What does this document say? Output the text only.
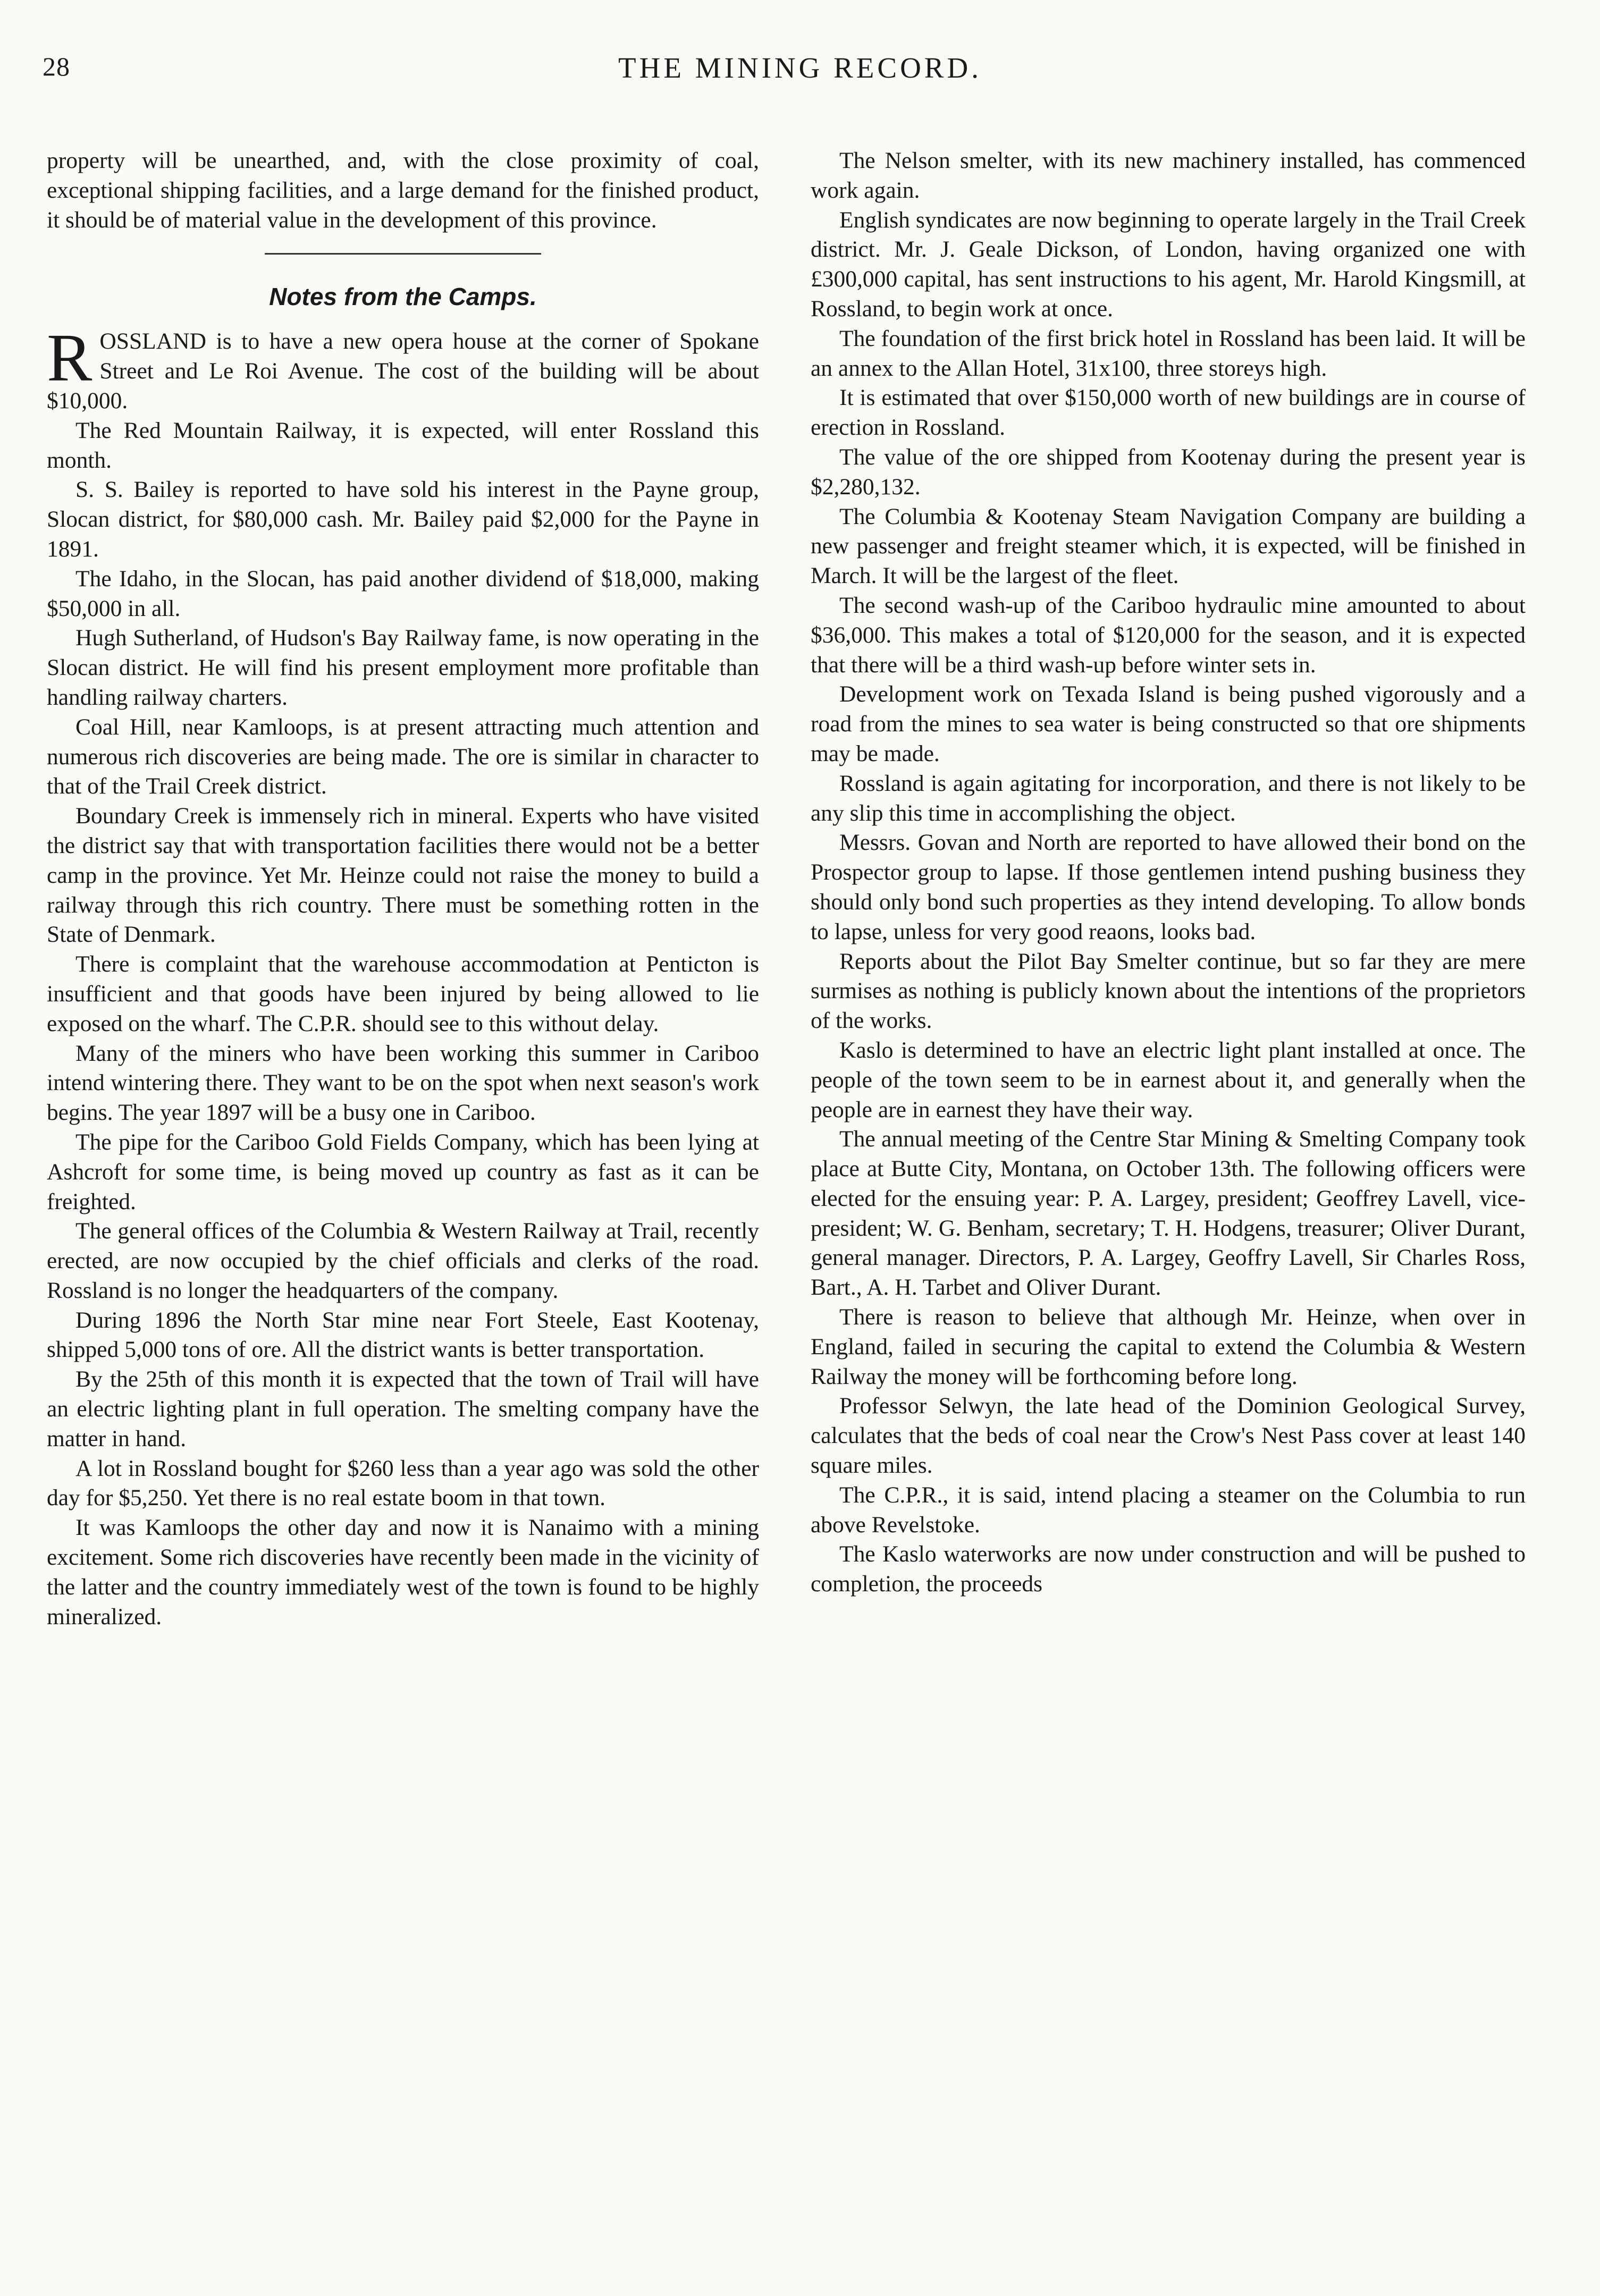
28	THE MINING RECORD.

property will be unearthed, and, with the close proximity of coal, exceptional shipping facilities, and a large demand for the finished product, it should be of material value in the development of this province.

Notes from the Camps.

ROSSLAND is to have a new opera house at the corner of Spokane Street and Le Roi Avenue. The cost of the building will be about $10,000.

The Red Mountain Railway, it is expected, will enter Rossland this month.

S. S. Bailey is reported to have sold his interest in the Payne group, Slocan district, for $80,000 cash. Mr. Bailey paid $2,000 for the Payne in 1891.

The Idaho, in the Slocan, has paid another dividend of $18,000, making $50,000 in all.

Hugh Sutherland, of Hudson's Bay Railway fame, is now operating in the Slocan district. He will find his present employment more profitable than handling railway charters.

Coal Hill, near Kamloops, is at present attracting much attention and numerous rich discoveries are being made. The ore is similar in character to that of the Trail Creek district.

Boundary Creek is immensely rich in mineral. Experts who have visited the district say that with transportation facilities there would not be a better camp in the province. Yet Mr. Heinze could not raise the money to build a railway through this rich country. There must be something rotten in the State of Denmark.

There is complaint that the warehouse accommodation at Penticton is insufficient and that goods have been injured by being allowed to lie exposed on the wharf. The C.P.R. should see to this without delay.

Many of the miners who have been working this summer in Cariboo intend wintering there. They want to be on the spot when next season's work begins. The year 1897 will be a busy one in Cariboo.

The pipe for the Cariboo Gold Fields Company, which has been lying at Ashcroft for some time, is being moved up country as fast as it can be freighted.

The general offices of the Columbia & Western Railway at Trail, recently erected, are now occupied by the chief officials and clerks of the road. Rossland is no longer the headquarters of the company.

During 1896 the North Star mine near Fort Steele, East Kootenay, shipped 5,000 tons of ore. All the district wants is better transportation.

By the 25th of this month it is expected that the town of Trail will have an electric lighting plant in full operation. The smelting company have the matter in hand.

A lot in Rossland bought for $260 less than a year ago was sold the other day for $5,250. Yet there is no real estate boom in that town.

It was Kamloops the other day and now it is Nanaimo with a mining excitement. Some rich discoveries have recently been made in the vicinity of the latter and the country immediately west of the town is found to be highly mineralized.

The Nelson smelter, with its new machinery installed, has commenced work again.

English syndicates are now beginning to operate largely in the Trail Creek district. Mr. J. Geale Dickson, of London, having organized one with £300,000 capital, has sent instructions to his agent, Mr. Harold Kingsmill, at Rossland, to begin work at once.

The foundation of the first brick hotel in Rossland has been laid. It will be an annex to the Allan Hotel, 31x100, three storeys high.

It is estimated that over $150,000 worth of new buildings are in course of erection in Rossland.

The value of the ore shipped from Kootenay during the present year is $2,280,132.

The Columbia & Kootenay Steam Navigation Company are building a new passenger and freight steamer which, it is expected, will be finished in March. It will be the largest of the fleet.

The second wash-up of the Cariboo hydraulic mine amounted to about $36,000. This makes a total of $120,000 for the season, and it is expected that there will be a third wash-up before winter sets in.

Development work on Texada Island is being pushed vigorously and a road from the mines to sea water is being constructed so that ore shipments may be made.

Rossland is again agitating for incorporation, and there is not likely to be any slip this time in accomplishing the object.

Messrs. Govan and North are reported to have allowed their bond on the Prospector group to lapse. If those gentlemen intend pushing business they should only bond such properties as they intend developing. To allow bonds to lapse, unless for very good reaons, looks bad.

Reports about the Pilot Bay Smelter continue, but so far they are mere surmises as nothing is publicly known about the intentions of the proprietors of the works.

Kaslo is determined to have an electric light plant installed at once. The people of the town seem to be in earnest about it, and generally when the people are in earnest they have their way.

The annual meeting of the Centre Star Mining & Smelting Company took place at Butte City, Montana, on October 13th. The following officers were elected for the ensuing year: P. A. Largey, president; Geoffrey Lavell, vice-president; W. G. Benham, secretary; T. H. Hodgens, treasurer; Oliver Durant, general manager. Directors, P. A. Largey, Geoffry Lavell, Sir Charles Ross, Bart., A. H. Tarbet and Oliver Durant.

There is reason to believe that although Mr. Heinze, when over in England, failed in securing the capital to extend the Columbia & Western Railway the money will be forthcoming before long.

Professor Selwyn, the late head of the Dominion Geological Survey, calculates that the beds of coal near the Crow's Nest Pass cover at least 140 square miles.

The C.P.R., it is said, intend placing a steamer on the Columbia to run above Revelstoke.

The Kaslo waterworks are now under construction and will be pushed to completion, the proceeds
